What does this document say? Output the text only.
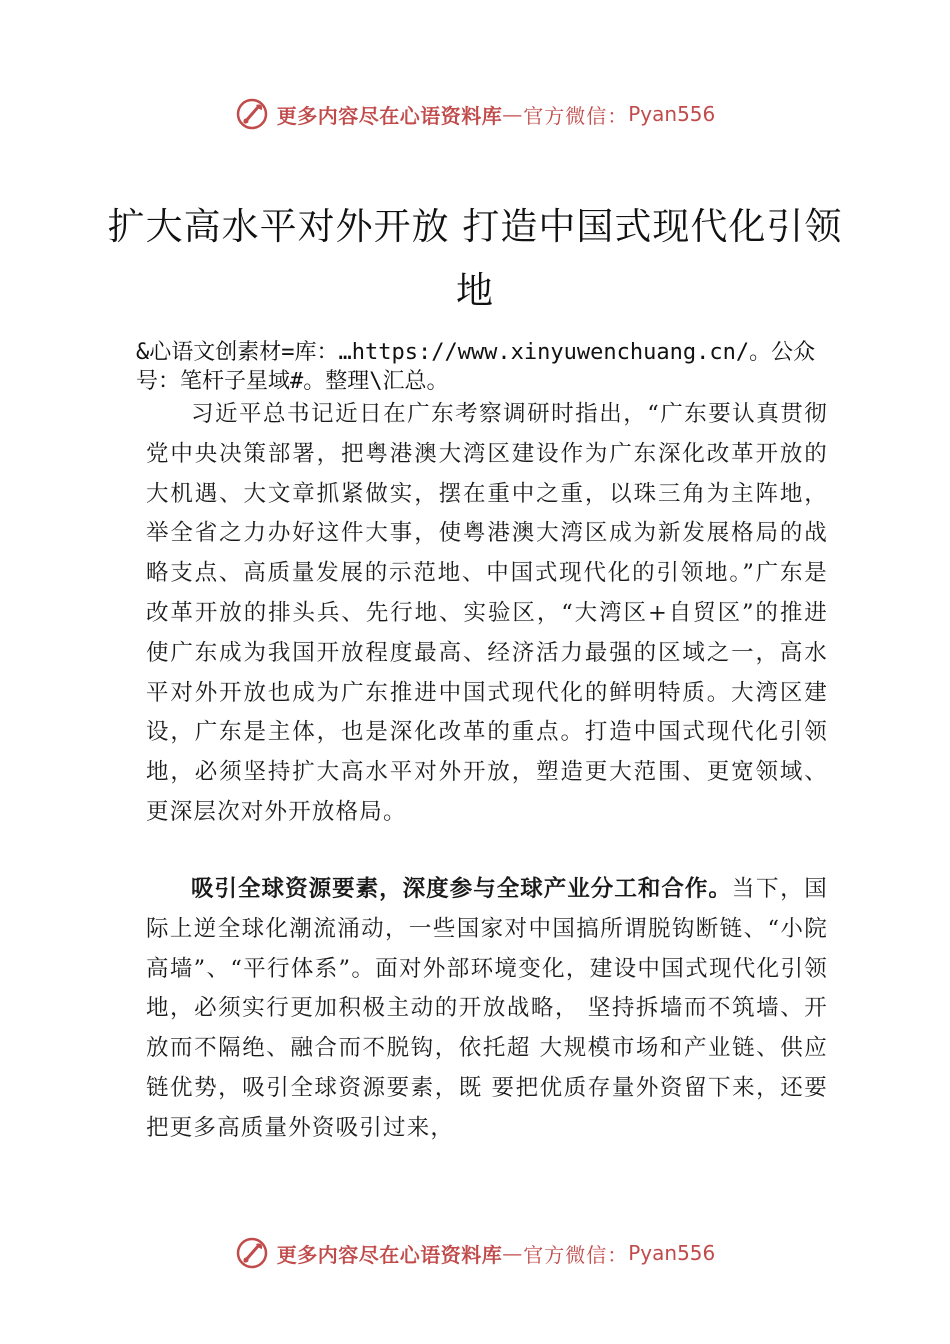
更多内容尽在心语资料库 — 官方微信： Pyan556
扩大高水平对外开放 打造中国式现代化引领地

&心语文创素材=库：…https://www.xinyuwenchuang.cn/。公众号：笔杆子星域#。整理\汇总。

习近平总书记近日在广东考察调研时指出，“广东要认真贯彻党中央决策部署，把粤港澳大湾区建设作为广东深化改革开放的大机遇、大文章抓紧做实，摆在重中之重，以珠三角为主阵地，举全省之力办好这件大事，使粤港澳大湾区成为新发展格局的战略支点、高质量发展的示范地、中国式现代化的引领地。”广东是改革开放的排头兵、先行地、实验区，“大湾区+自贸区”的推进使广东成为我国开放程度最高、经济活力最强的区域之一，高水平对外开放也成为广东推进中国式现代化的鲜明特质。大湾区建设，广东是主体，也是深化改革的重点。打造中国式现代化引领地，必须坚持扩大高水平对外开放，塑造更大范围、更宽领域、更深层次对外开放格局。

吸引全球资源要素，深度参与全球产业分工和合作。当下，国际上逆全球化潮流涌动，一些国家对中国搞所谓脱钩断链、“小院高墙”、“平行体系”。面对外部环境变化，建设中国式现代化引领地，必须实行更加积极主动的开放战略， 坚持拆墙而不筑墙、开放而不隔绝、融合而不脱钩，依托超 大规模市场和产业链、供应链优势，吸引全球资源要素，既 要把优质存量外资留下来，还要把更多高质量外资吸引过来，

更多内容尽在心语资料库 — 官方微信： Pyan556
